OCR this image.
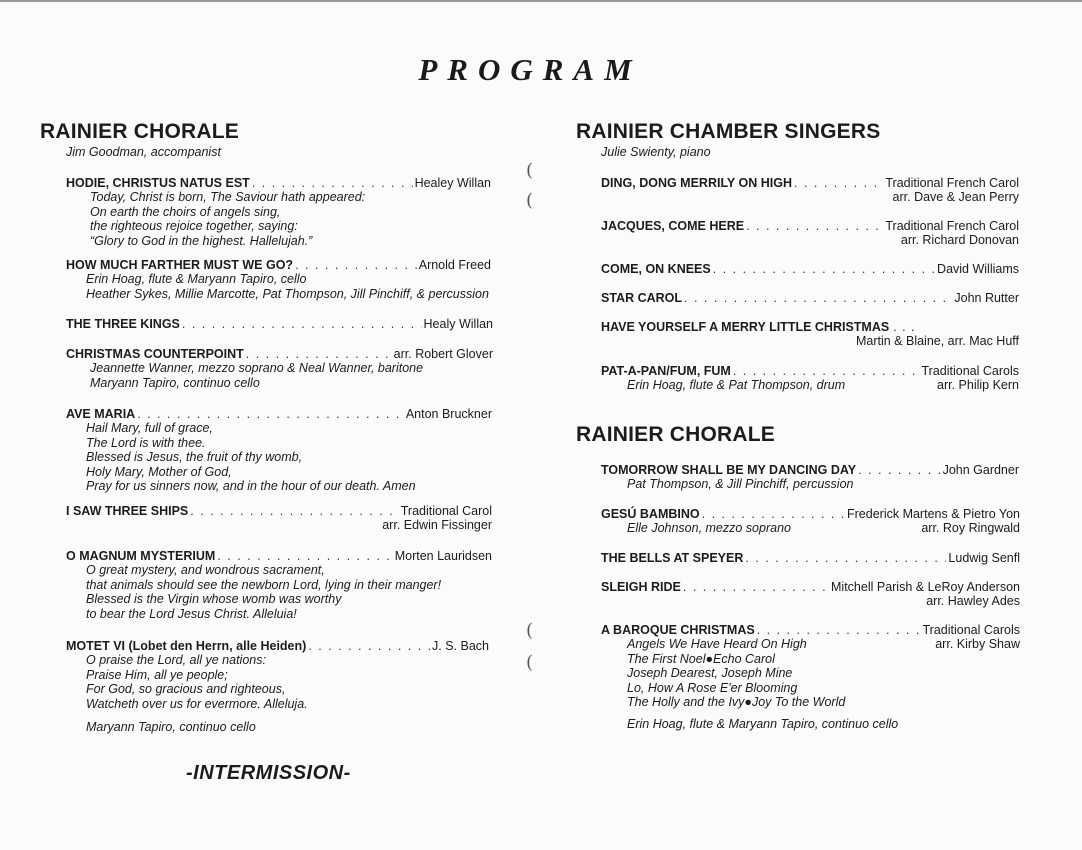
PROGRAM
RAINIER CHORALE
Jim Goodman, accompanist
HODIE, CHRISTUS NATUS EST . . .	Healey Willan
Today, Christ is born, The Saviour hath appeared:
On earth the choirs of angels sing,
the righteous rejoice together, saying:
“Glory to God in the highest. Hallelujah.”
HOW MUCH FARTHER MUST WE GO? . . .	Arnold Freed
Erin Hoag, flute & Maryann Tapiro, cello
Heather Sykes, Millie Marcotte, Pat Thompson, Jill Pinchiff, & percussion
THE THREE KINGS . . .	Healy Willan
CHRISTMAS COUNTERPOINT . . .	arr. Robert Glover
Jeannette Wanner, mezzo soprano & Neal Wanner, baritone
Maryann Tapiro, continuo cello
AVE MARIA . . .	Anton Bruckner
Hail Mary, full of grace,
The Lord is with thee.
Blessed is Jesus, the fruit of thy womb,
Holy Mary, Mother of God,
Pray for us sinners now, and in the hour of our death. Amen
I SAW THREE SHIPS . . .	Traditional Carol
arr. Edwin Fissinger
O MAGNUM MYSTERIUM . . .	Morten Lauridsen
O great mystery, and wondrous sacrament,
that animals should see the newborn Lord, lying in their manger!
Blessed is the Virgin whose womb was worthy
to bear the Lord Jesus Christ. Alleluia!
MOTET VI (Lobet den Herrn, alle Heiden) . . .	J. S. Bach
O praise the Lord, all ye nations:
Praise Him, all ye people;
For God, so gracious and righteous,
Watcheth over us for evermore. Alleluja.
Maryann Tapiro, continuo cello
-INTERMISSION-
(
(
(
(
RAINIER CHAMBER SINGERS
Julie Swienty, piano
DING, DONG MERRILY ON HIGH . . .	Traditional French Carol
arr. Dave & Jean Perry
JACQUES, COME HERE . . .	Traditional French Carol
arr. Richard Donovan
COME, ON KNEES . . .	David Williams
STAR CAROL . . .	John Rutter
HAVE YOURSELF A MERRY LITTLE CHRISTMAS . . .
Martin & Blaine, arr. Mac Huff
PAT-A-PAN/FUM, FUM . . .	Traditional Carols
Erin Hoag, flute & Pat Thompson, drum	arr. Philip Kern
RAINIER CHORALE
TOMORROW SHALL BE MY DANCING DAY . . .	John Gardner
Pat Thompson, & Jill Pinchiff, percussion
GESÚ BAMBINO . . .	Frederick Martens & Pietro Yon
Elle Johnson, mezzo soprano	arr. Roy Ringwald
THE BELLS AT SPEYER . . .	Ludwig Senfl
SLEIGH RIDE . . .	Mitchell Parish & LeRoy Anderson
arr. Hawley Ades
A BAROQUE CHRISTMAS . . .	Traditional Carols
arr. Kirby Shaw
Angels We Have Heard On High
The First Noel●Echo Carol
Joseph Dearest, Joseph Mine
Lo, How A Rose E'er Blooming
The Holly and the Ivy●Joy To the World
Erin Hoag, flute & Maryann Tapiro, continuo cello
